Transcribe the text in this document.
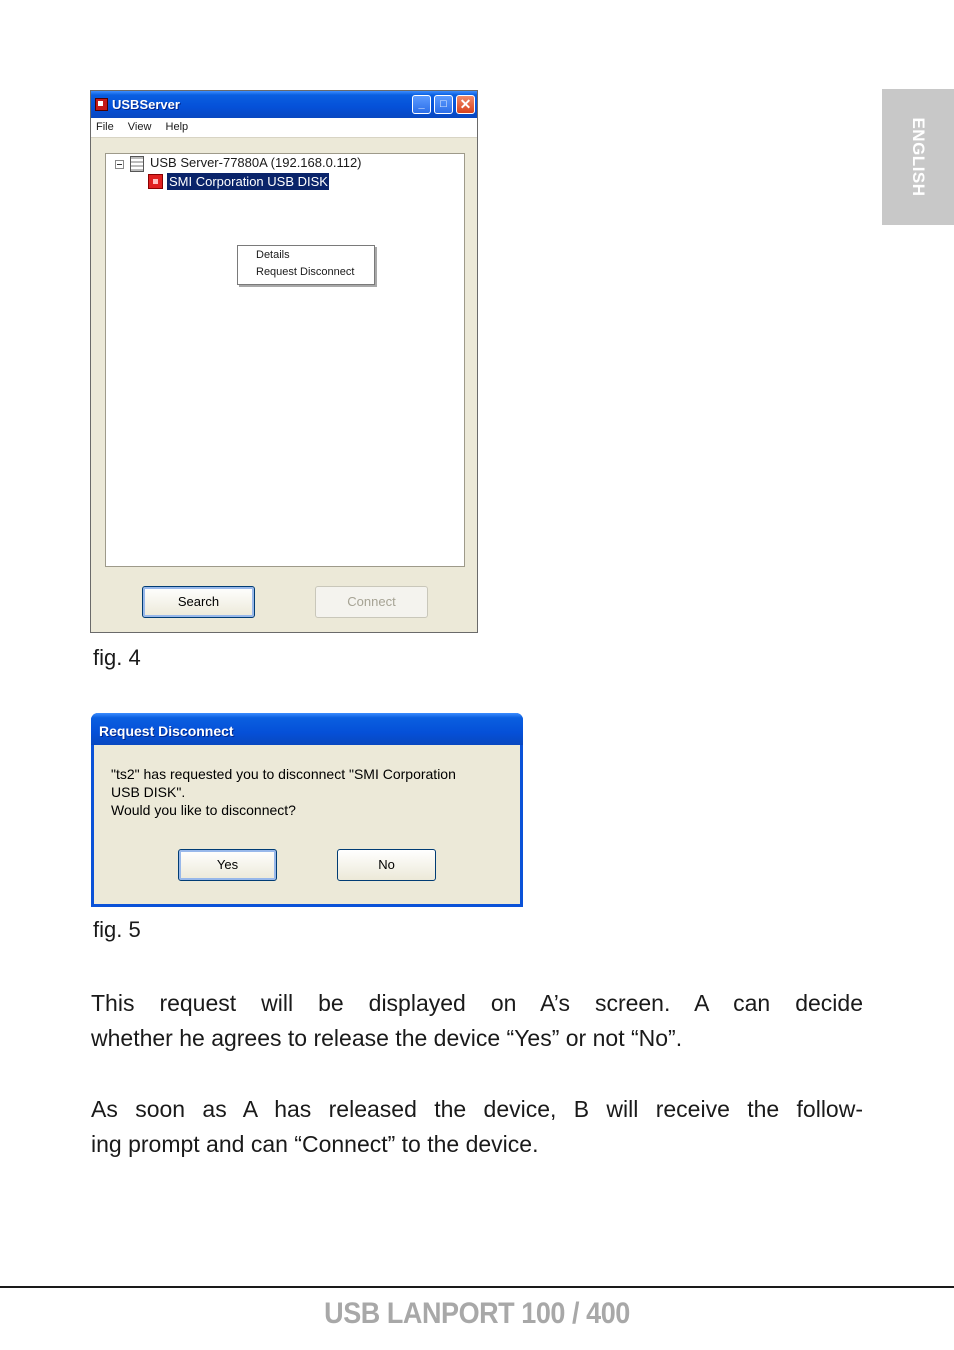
ENGLISH
USBServer	_	□ ✕
File View Help
USB Server-77880A (192.168.0.112)
SMI Corporation USB DISK
Details
Request Disconnect
Search	Connect
fig. 4
Request Disconnect
"ts2" has requested you to disconnect "SMI Corporation
USB DISK".
Would you like to disconnect?
Yes	No
fig. 5
This request will be displayed on A’s screen. A can decide
whether he agrees to release the device “Yes” or not “No”.
As soon as A has released the device, B will receive the follow-
ing prompt and can “Connect” to the device.
USB LANPORT 100 / 400
